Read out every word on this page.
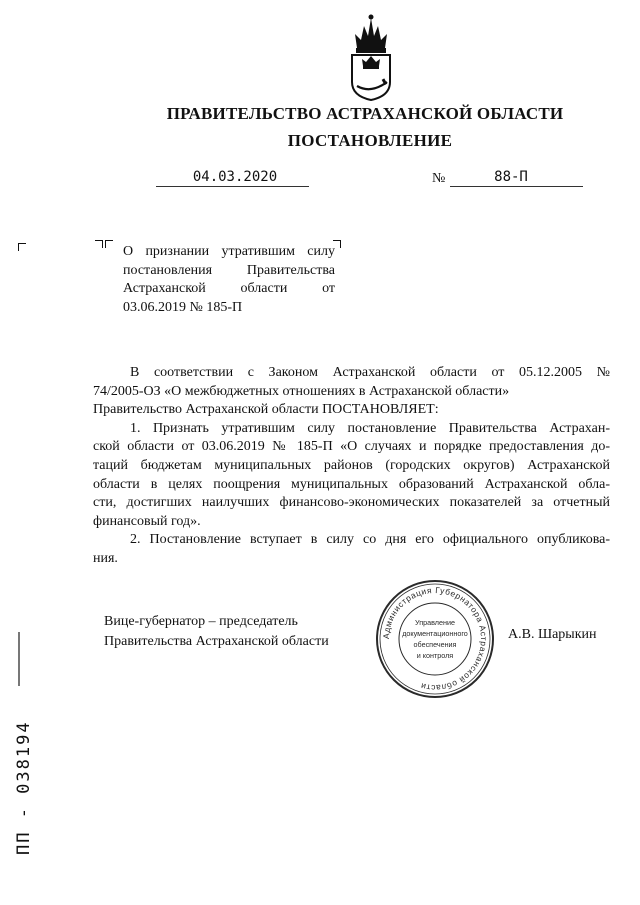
ПРАВИТЕЛЬСТВО АСТРАХАНСКОЙ ОБЛАСТИ
ПОСТАНОВЛЕНИЕ
04.03.2020	№	88-П
О признании утратившим силу
постановления Правительства
Астраханской области от
03.06.2019 № 185-П
В соответствии с Законом Астраханской области от 05.12.2005 №
74/2005-ОЗ «О межбюджетных отношениях в Астраханской области»
Правительство Астраханской области ПОСТАНОВЛЯЕТ:
1. Признать утратившим силу постановление Правительства Астрахан-
ской области от 03.06.2019 № 185-П «О случаях и порядке предоставления до-
таций бюджетам муниципальных районов (городских округов) Астраханской
области в целях поощрения муниципальных образований Астраханской обла-
сти, достигших наилучших финансово-экономических показателей за отчетный
финансовый год».
2. Постановление вступает в силу со дня его официального опубликова-
ния.
Вице-губернатор – председатель
Правительства Астраханской области	А.В. Шарыкин
Администрация Губернатора Астраханской области
Управление
документационного
обеспечения
и контроля
ПП - 038194
